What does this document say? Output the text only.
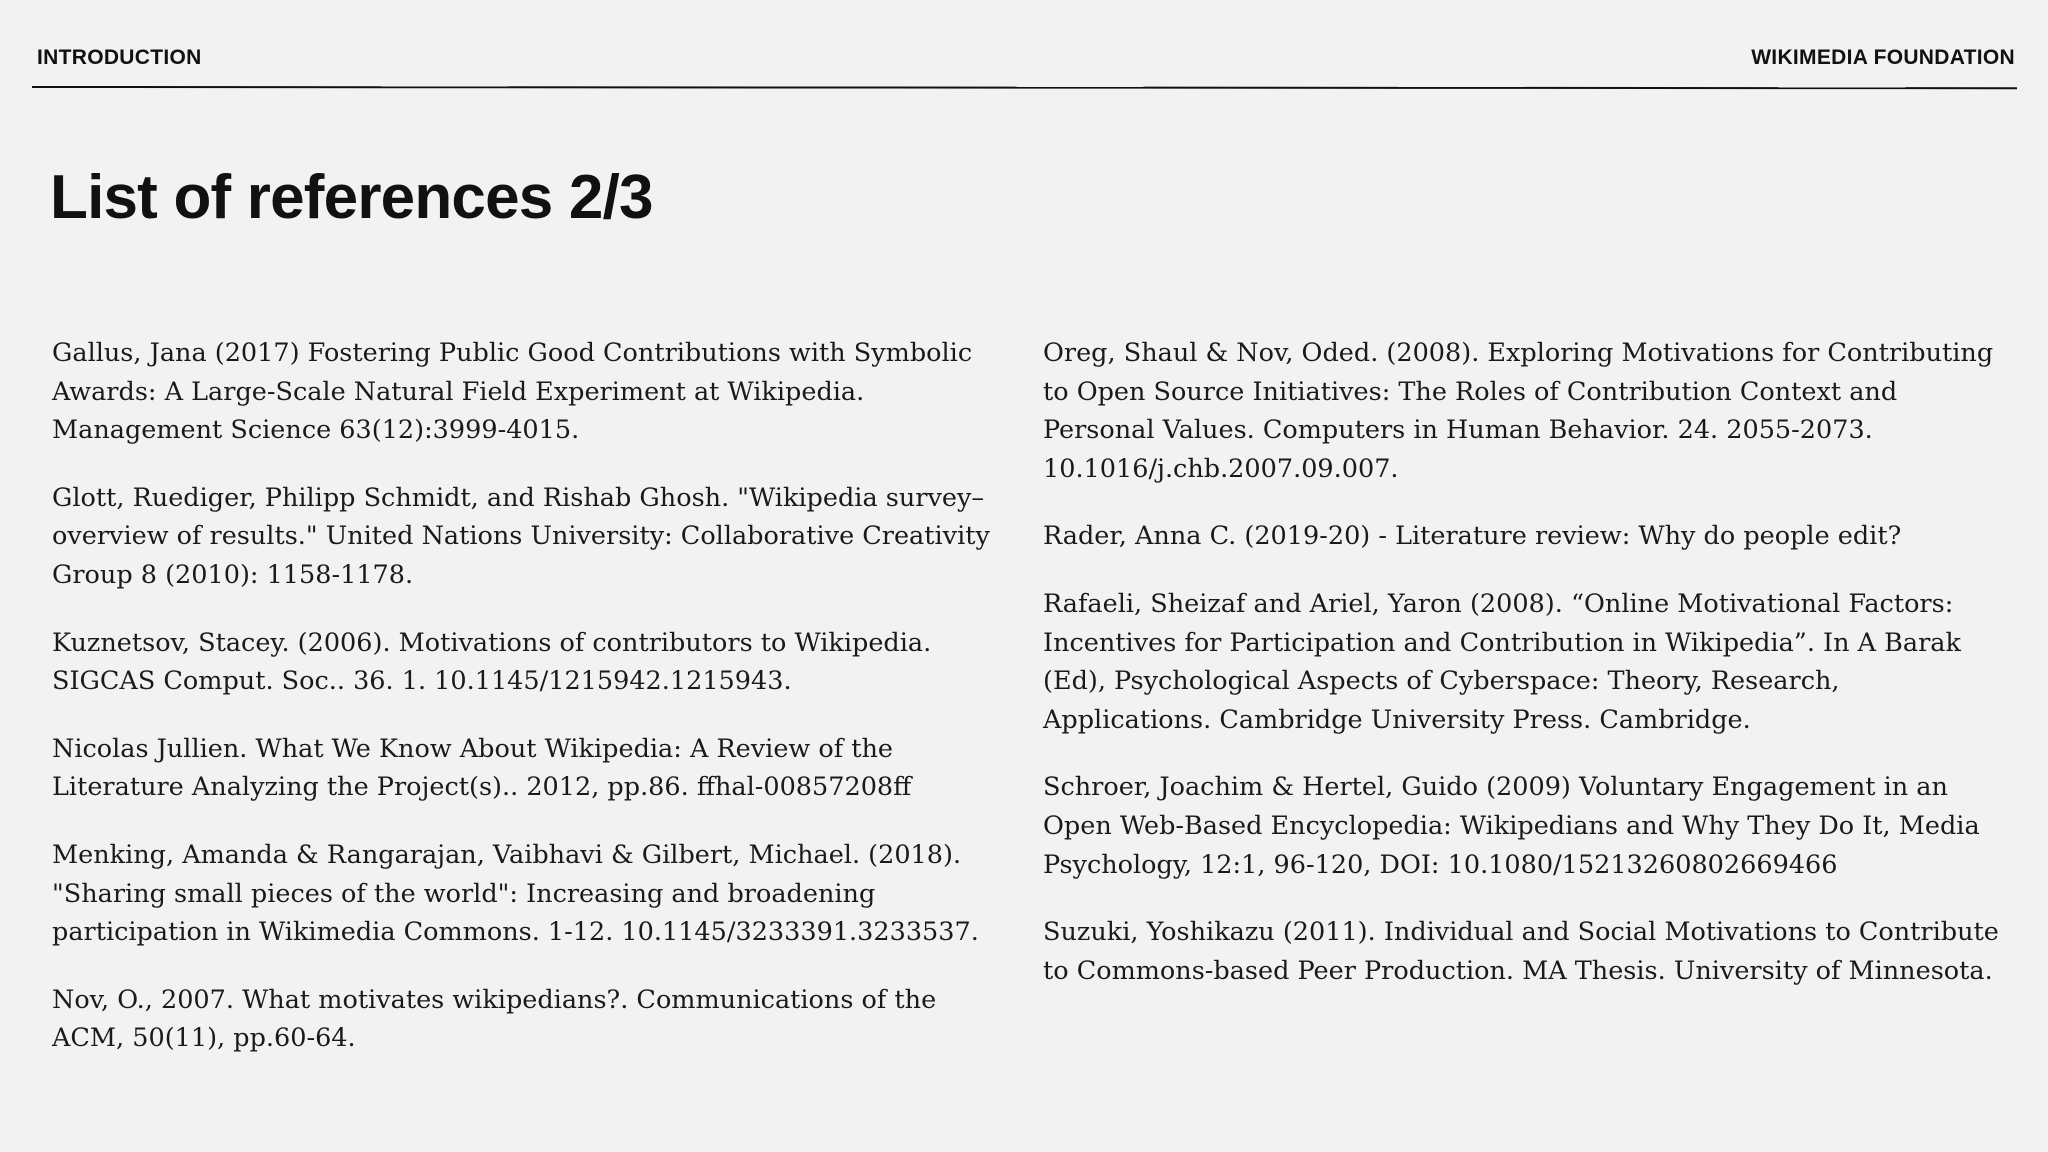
INTRODUCTION	WIKIMEDIA FOUNDATION
List of references 2/3

Gallus, Jana (2017) Fostering Public Good Contributions with Symbolic Awards: A Large-Scale Natural Field Experiment at Wikipedia. Management Science 63(12):3999-4015.

Glott, Ruediger, Philipp Schmidt, and Rishab Ghosh. "Wikipedia survey–overview of results." United Nations University: Collaborative Creativity Group 8 (2010): 1158-1178.

Kuznetsov, Stacey. (2006). Motivations of contributors to Wikipedia. SIGCAS Comput. Soc.. 36. 1. 10.1145/1215942.1215943.

Nicolas Jullien. What We Know About Wikipedia: A Review of the Literature Analyzing the Project(s).. 2012, pp.86. ffhal-00857208ff

Menking, Amanda & Rangarajan, Vaibhavi & Gilbert, Michael. (2018). "Sharing small pieces of the world": Increasing and broadening participation in Wikimedia Commons. 1-12. 10.1145/3233391.3233537.

Nov, O., 2007. What motivates wikipedians?. Communications of the ACM, 50(11), pp.60-64.

Oreg, Shaul & Nov, Oded. (2008). Exploring Motivations for Contributing to Open Source Initiatives: The Roles of Contribution Context and Personal Values. Computers in Human Behavior. 24. 2055-2073. 10.1016/j.chb.2007.09.007.

Rader, Anna C. (2019-20) - Literature review: Why do people edit?

Rafaeli, Sheizaf and Ariel, Yaron (2008). “Online Motivational Factors: Incentives for Participation and Contribution in Wikipedia”. In A Barak (Ed), Psychological Aspects of Cyberspace: Theory, Research, Applications. Cambridge University Press. Cambridge.

Schroer, Joachim & Hertel, Guido (2009) Voluntary Engagement in an Open Web-Based Encyclopedia: Wikipedians and Why They Do It, Media Psychology, 12:1, 96-120, DOI: 10.1080/15213260802669466

Suzuki, Yoshikazu (2011). Individual and Social Motivations to Contribute to Commons-based Peer Production. MA Thesis. University of Minnesota.
